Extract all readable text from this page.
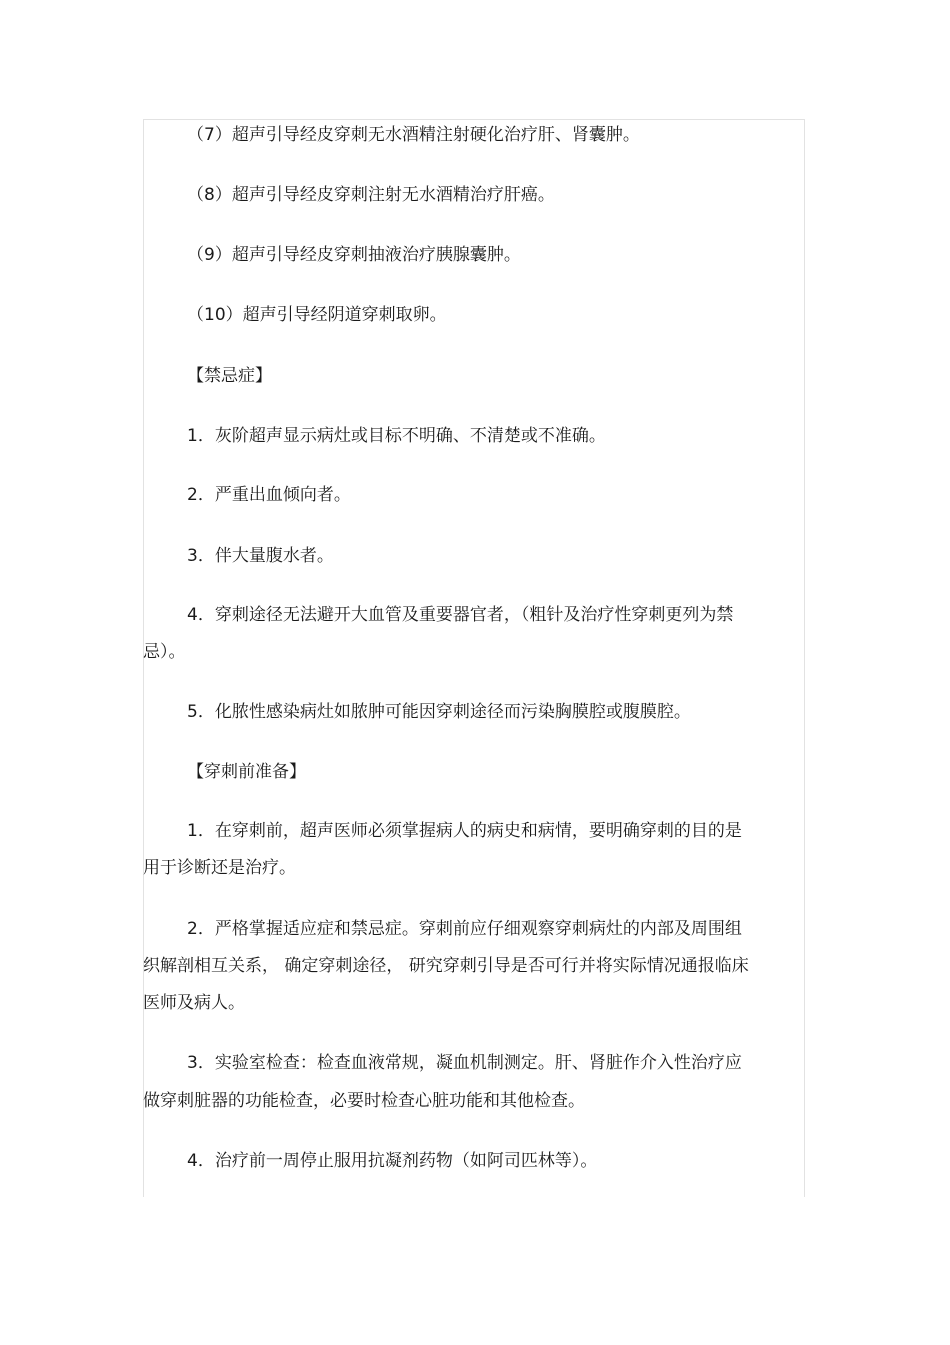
（7）超声引导经皮穿刺无水酒精注射硬化治疗肝、肾囊肿。
（8）超声引导经皮穿刺注射无水酒精治疗肝癌。
（9）超声引导经皮穿刺抽液治疗胰腺囊肿。
（10）超声引导经阴道穿刺取卵。
【禁忌症】
1．灰阶超声显示病灶或目标不明确、不清楚或不准确。
2．严重出血倾向者。
3．伴大量腹水者。
4．穿刺途径无法避开大血管及重要器官者，（粗针及治疗性穿刺更列为禁
忌）。
5．化脓性感染病灶如脓肿可能因穿刺途径而污染胸膜腔或腹膜腔。
【穿刺前准备】
1．在穿刺前，超声医师必须掌握病人的病史和病情，要明确穿刺的目的是
用于诊断还是治疗。
2．严格掌握适应症和禁忌症。穿刺前应仔细观察穿刺病灶的内部及周围组
织解剖相互关系， 确定穿刺途径， 研究穿刺引导是否可行并将实际情况通报临床
医师及病人。
3．实验室检查：检查血液常规，凝血机制测定。肝、肾脏作介入性治疗应
做穿刺脏器的功能检查，必要时检查心脏功能和其他检查。
4．治疗前一周停止服用抗凝剂药物（如阿司匹林等）。
